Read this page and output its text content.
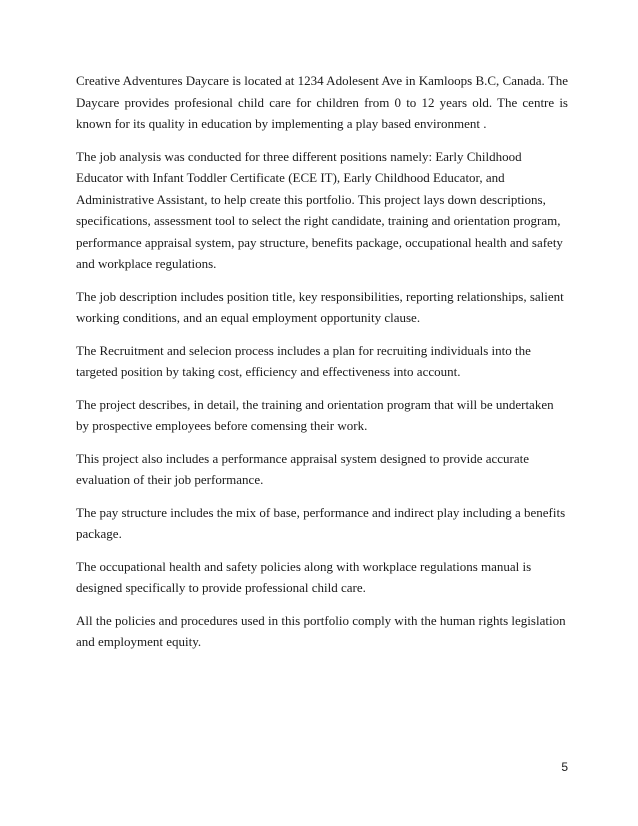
Creative Adventures Daycare is located at 1234 Adolesent Ave in Kamloops B.C, Canada. The Daycare provides profesional child care for children from 0 to 12 years old. The centre is known for its quality in education by implementing a play based environment .

The job analysis was conducted for three different positions namely: Early Childhood Educator with Infant Toddler Certificate (ECE IT), Early Childhood Educator, and Administrative Assistant, to help create this portfolio. This project lays down descriptions, specifications, assessment tool to select the right candidate, training and orientation program, performance appraisal system, pay structure, benefits package, occupational health and safety and workplace regulations.

The job description includes position title, key responsibilities, reporting relationships, salient working conditions, and an equal employment opportunity clause.

The Recruitment and selecion process includes a plan for recruiting individuals into the targeted position by taking cost, efficiency and effectiveness into account.

The project describes, in detail, the training and orientation program that will be undertaken by prospective employees before comensing their work.

This project also includes a performance appraisal system designed to provide accurate evaluation of their job performance.

The pay structure includes the mix of base, performance and indirect play including a benefits package.

The occupational health and safety policies along with workplace regulations manual is designed specifically to provide professional child care.

All the policies and procedures used in this portfolio comply with the human rights legislation and employment equity.

5
